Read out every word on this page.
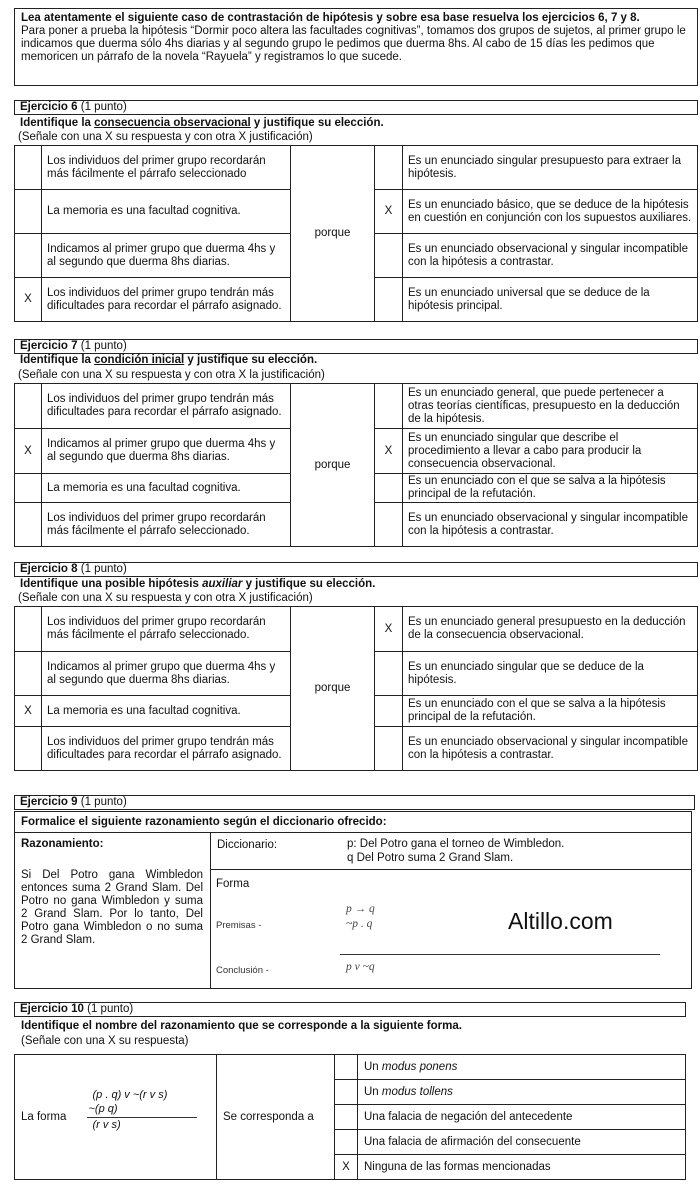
Lea atentamente el siguiente caso de contrastación de hipótesis y sobre esa base resuelva los ejercicios 6, 7 y 8.
Para poner a prueba la hipótesis “Dormir poco altera las facultades cognitivas”, tomamos dos grupos de sujetos, al primer grupo le indicamos que duerma sólo 4hs diarias y al segundo grupo le pedimos que duerma 8hs. Al cabo de 15 días les pedimos que memoricen un párrafo de la novela “Rayuela” y registramos lo que sucede.
Ejercicio 6 (1 punto)
Identifique la consecuencia observacional y justifique su elección.
(Señale con una X su respuesta y con otra X justificación)
	Los individuos del primer grupo recordarán más fácilmente el párrafo seleccionado	porque		Es un enunciado singular presupuesto para extraer la hipótesis.
	La memoria es una facultad cognitiva.		X	Es un enunciado básico, que se deduce de la hipótesis en cuestión en conjunción con los supuestos auxiliares.
	Indicamos al primer grupo que duerma 4hs y al segundo que duerma 8hs diarias.			Es un enunciado observacional y singular incompatible con la hipótesis a contrastar.
X	Los individuos del primer grupo tendrán más dificultades para recordar el párrafo asignado.			Es un enunciado universal que se deduce de la hipótesis principal.
Ejercicio 7 (1 punto)
Identifique la condición inicial y justifique su elección.
(Señale con una X su respuesta y con otra X la justificación)
	Los individuos del primer grupo tendrán más dificultades para recordar el párrafo asignado.	porque		Es un enunciado general, que puede pertenecer a otras teorías científicas, presupuesto en la deducción de la hipótesis.
X	Indicamos al primer grupo que duerma 4hs y al segundo que duerma 8hs diarias.		X	Es un enunciado singular que describe el procedimiento a llevar a cabo para producir la consecuencia observacional.
	La memoria es una facultad cognitiva.			Es un enunciado con el que se salva a la hipótesis principal de la refutación.
	Los individuos del primer grupo recordarán más fácilmente el párrafo seleccionado.			Es un enunciado observacional y singular incompatible con la hipótesis a contrastar.
Ejercicio 8 (1 punto)
Identifique una posible hipótesis auxiliar y justifique su elección.
(Señale con una X su respuesta y con otra X justificación)
	Los individuos del primer grupo recordarán más fácilmente el párrafo seleccionado.	porque	X	Es un enunciado general presupuesto en la deducción de la consecuencia observacional.
	Indicamos al primer grupo que duerma 4hs y al segundo que duerma 8hs diarias.			Es un enunciado singular que se deduce de la hipótesis.
X	La memoria es una facultad cognitiva.			Es un enunciado con el que se salva a la hipótesis principal de la refutación.
	Los individuos del primer grupo tendrán más dificultades para recordar el párrafo asignado.			Es un enunciado observacional y singular incompatible con la hipótesis a contrastar.
Ejercicio 9 (1 punto)
Formalice el siguiente razonamiento según el diccionario ofrecido:
Razonamiento:
Si Del Potro gana Wimbledon entonces suma 2 Grand Slam. Del Potro no gana Wimbledon y suma 2 Grand Slam. Por lo tanto, Del Potro gana Wimbledon o no suma 2 Grand Slam.
Diccionario:	p: Del Potro gana el torneo de Wimbledon.
q Del Potro suma 2 Grand Slam.
Forma
Premisas -
p → q
~p . q	Altillo.com
Conclusión -	p v ~q
Ejercicio 10 (1 punto)
Identifique el nombre del razonamiento que se corresponde a la siguiente forma.
(Señale con una X su respuesta)
La forma	(p . q) v ~(r v s)
~(p q)
(r v s)	Se corresponda a		Un modus ponens
				Un modus tollens
				Una falacia de negación del antecedente
				Una falacia de afirmación del consecuente
			X	Ninguna de las formas mencionadas
